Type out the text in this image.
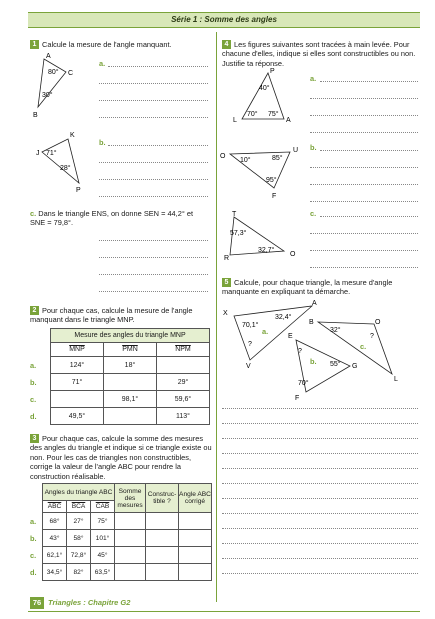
Série 1 : Somme des angles
1 Calcule la mesure de l'angle manquant.
A
C
B
80°
30°
a.
K
J
P
71°
28°
b.
c. Dans le triangle ENS, on donne SEN = 44,2° et SNE = 79,8°.
2 Pour chaque cas, calcule la mesure de l'angle manquant dans le triangle MNP.
	Mesure des angles du triangle MNP		
	$\overline{MNP}$	$\overline{PMN}$	$\overline{NPM}$
a.	124°	18°	
b.	71°		29°
c.		98,1°	59,6°
d.	49,5°		113°
3 Pour chaque cas, calcule la somme des mesures des angles du triangle et indique si ce triangle existe ou non. Pour les cas de triangles non constructibles, corrige la valeur de l'angle ABC pour rendre la construction réalisable.
	Angles du triangle ABC			Somme des mesures	Construc-tible ?	Angle ABC corrigé
	$\overline{ABC}$	$\overline{BCA}$	$\overline{CAB}$
a.	68°	27°	75°			
b.	43°	58°	101°			
c.	62,1°	72,8°	45°			
d.	34,5°	82°	63,5°			
4 Les figures suivantes sont tracées à main levée. Pour chacune d'elles, indique si elles sont constructibles ou non. Justifie ta réponse.
P
L	A
40°
70° 75°
a.
O
U
F
10°	85°
95°
b.
T
R
O
57,3°
32,7°
c.
5 Calcule, pour chaque triangle, la mesure d'angle manquante en expliquant ta démarche.
X
A
V
70,1°
32,4°
?
a.
E
F
G
?
55°
70°
b.
B	O
L
32°
?
c.
76 Triangles : Chapitre G2
